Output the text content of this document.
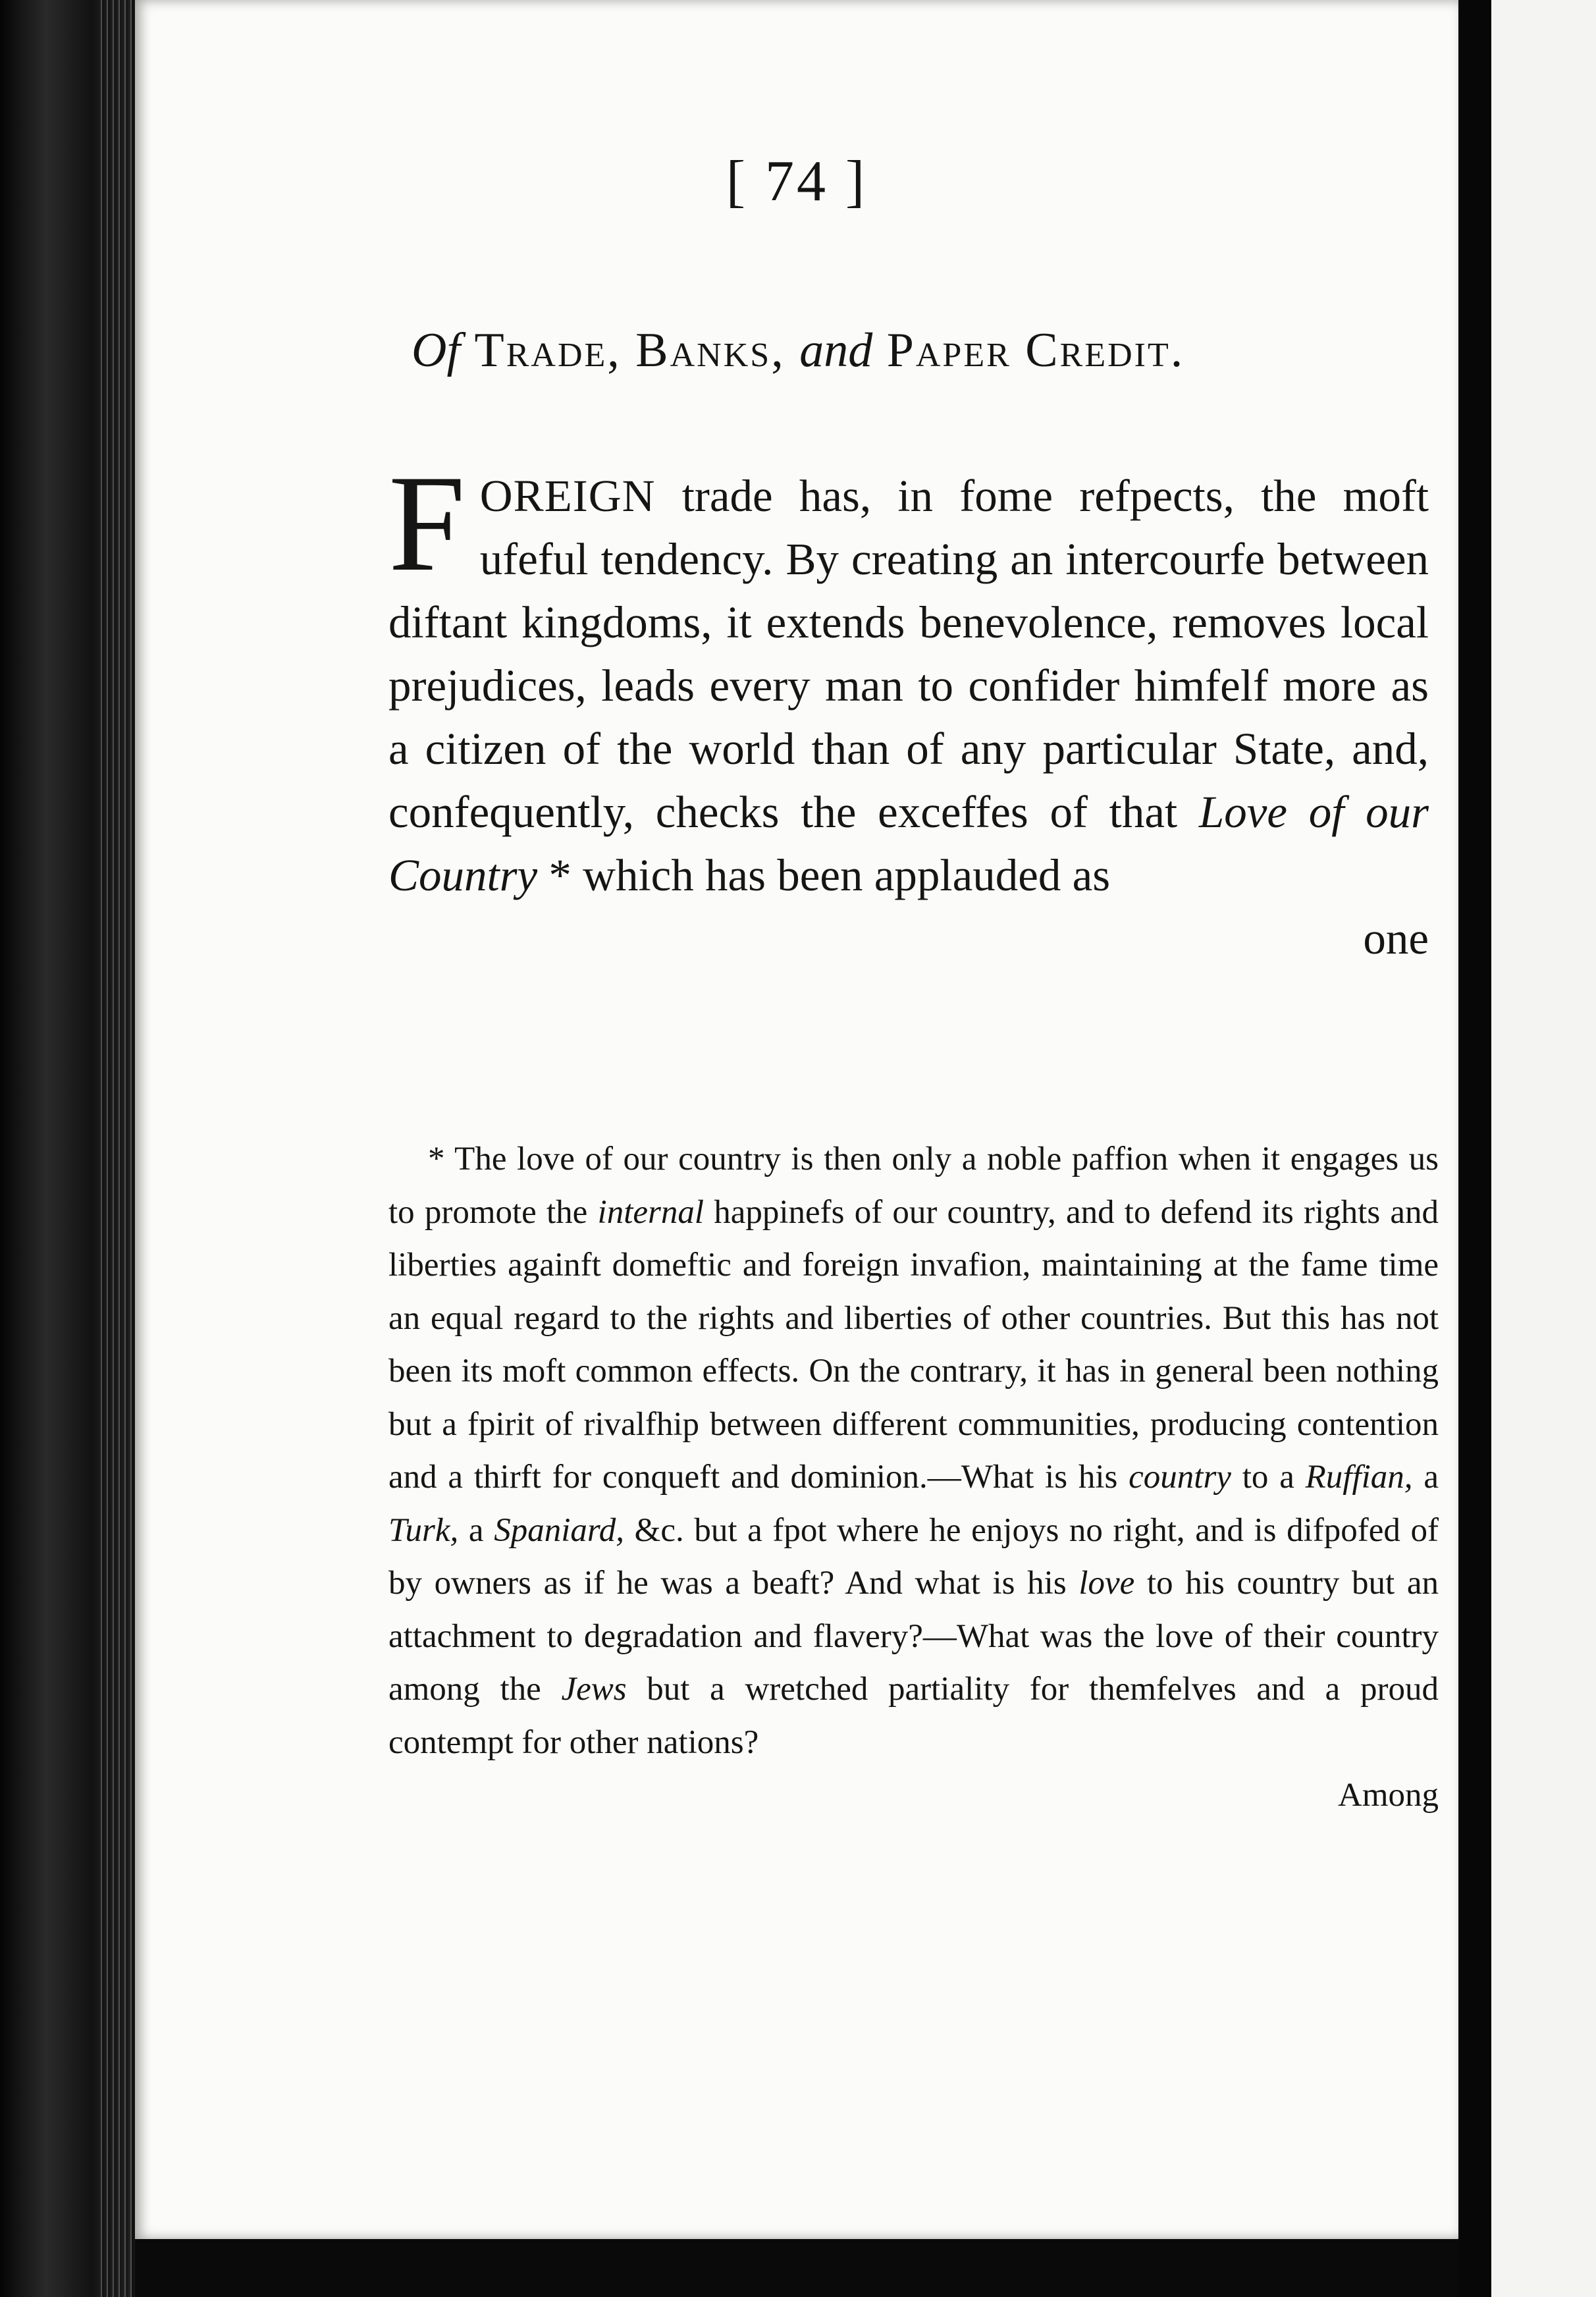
[ 74 ]
Of Trade, Banks, and Paper Credit.
FOREIGN trade has, in fome refpects, the moft ufeful tendency. By creating an intercourfe between diftant kingdoms, it extends benevolence, removes local prejudices, leads every man to confider himfelf more as a citizen of the world than of any particular State, and, confequently, checks the exceffes of that Love of our Country * which has been applauded as
one

* The love of our country is then only a noble paffion when it engages us to promote the internal happinefs of our country, and to defend its rights and liberties againft domeftic and foreign invafion, maintaining at the fame time an equal regard to the rights and liberties of other countries. But this has not been its moft common effects. On the contrary, it has in general been nothing but a fpirit of rivalfhip between different communities, producing contention and a thirft for conqueft and dominion.—What is his country to a Ruffian, a Turk, a Spaniard, &c. but a fpot where he enjoys no right, and is difpofed of by owners as if he was a beaft? And what is his love to his country but an attachment to degradation and flavery?—What was the love of their country among the Jews but a wretched partiality for themfelves and a proud contempt for other nations?

Among
